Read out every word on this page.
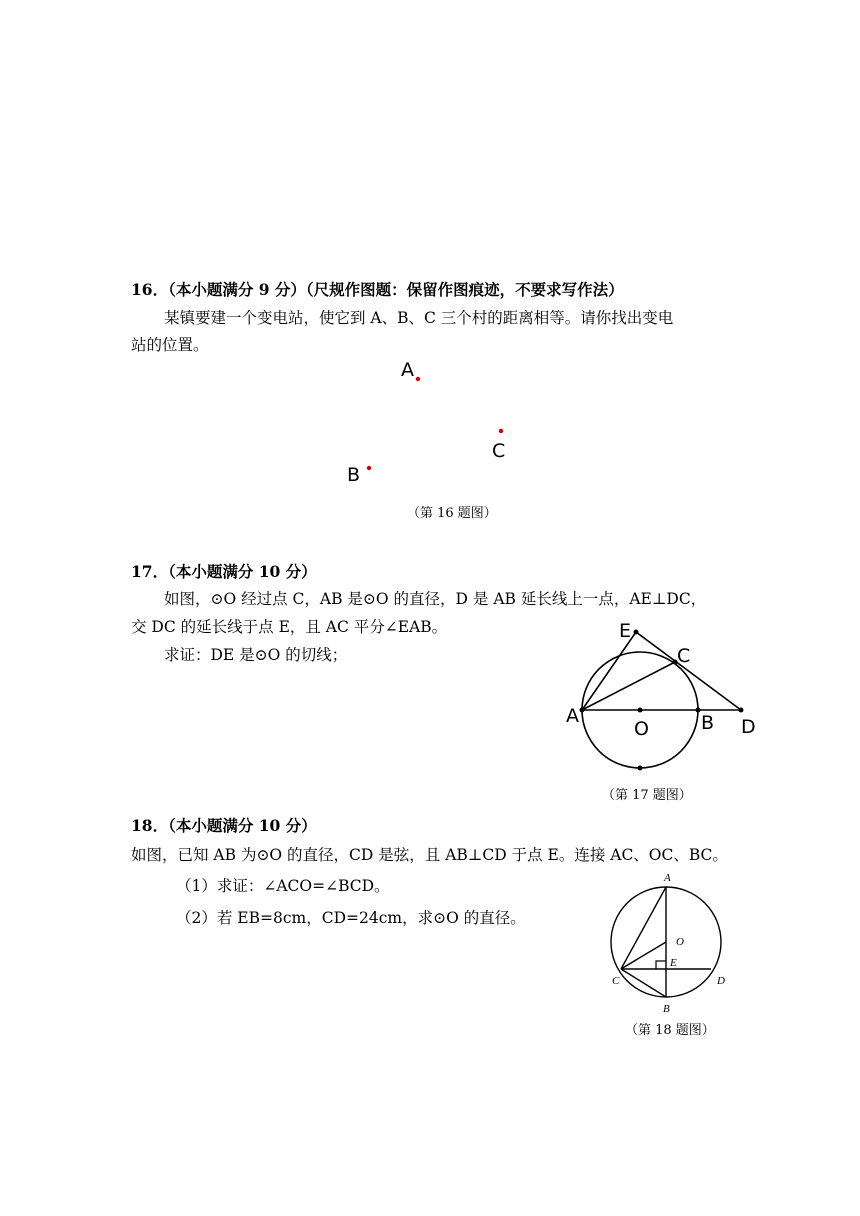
16．（本小题满分 9 分）（尺规作图题：保留作图痕迹，不要求写作法）
某镇要建一个变电站，使它到 A、B、C 三个村的距离相等。请你找出变电
站的位置。
A
C
B
（第 16 题图）
17．（本小题满分 10 分）
如图，⊙O 经过点 C，AB 是⊙O 的直径，D 是 AB 延长线上一点，AE⊥DC，
交 DC 的延长线于点 E，且 AC 平分∠EAB。
求证：DE 是⊙O 的切线；
E
C
A
O	B D
（第 17 题图）
18．（本小题满分 10 分）
如图，已知 AB 为⊙O 的直径，CD 是弦，且 AB⊥CD 于点 E。连接 AC、OC、BC。
（1）求证：∠ACO=∠BCD。
（2）若 EB=8cm，CD=24cm，求⊙O 的直径。
A
O
E
C	D
B
（第 18 题图）
